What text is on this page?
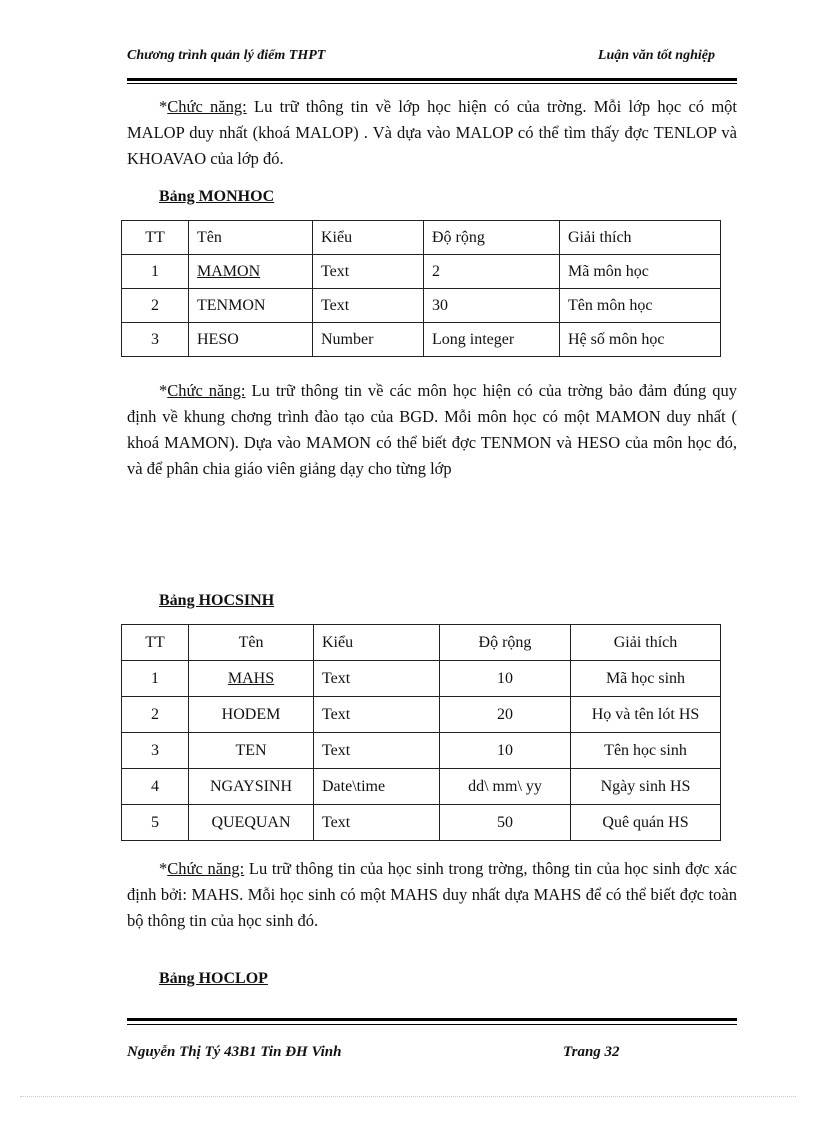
Chương trình quản lý điểm THPT	Luận văn tốt nghiệp
*Chức năng: Lu trữ thông tin về lớp học hiện có của trờng. Mỗi lớp học có một MALOP duy nhất (khoá MALOP) . Và dựa vào MALOP có thể tìm thấy đợc TENLOP và KHOAVAO của lớp đó.
Bảng MONHOC
TT	Tên	Kiểu	Độ rộng	Giải thích
1	MAMON	Text	2	Mã môn học
2	TENMON	Text	30	Tên môn học
3	HESO	Number	Long integer	Hệ số môn học
*Chức năng: Lu trữ thông tin về các môn học hiện có của trờng bảo đảm đúng quy định về khung chơng trình đào tạo của BGD. Mỗi môn học có một MAMON duy nhất ( khoá MAMON). Dựa vào MAMON có thể biết đợc TENMON và HESO của môn học đó, và để phân chia giáo viên giảng dạy cho từng lớp
Bảng HOCSINH
TT	Tên	Kiểu	Độ rộng	Giải thích
1	MAHS	Text	10	Mã học sinh
2	HODEM	Text	20	Họ và tên lót HS
3	TEN	Text	10	Tên học sinh
4	NGAYSINH	Date\time	dd\ mm\ yy	Ngày sinh HS
5	QUEQUAN	Text	50	Quê quán HS
*Chức năng: Lu trữ thông tin của học sinh trong trờng, thông tin của học sinh đợc xác định bởi: MAHS. Mỗi học sinh có một MAHS duy nhất dựa MAHS để có thể biết đợc toàn bộ thông tin của học sinh đó.
Bảng HOCLOP
Nguyễn Thị Tý 43B1 Tin ĐH Vinh	Trang 32
